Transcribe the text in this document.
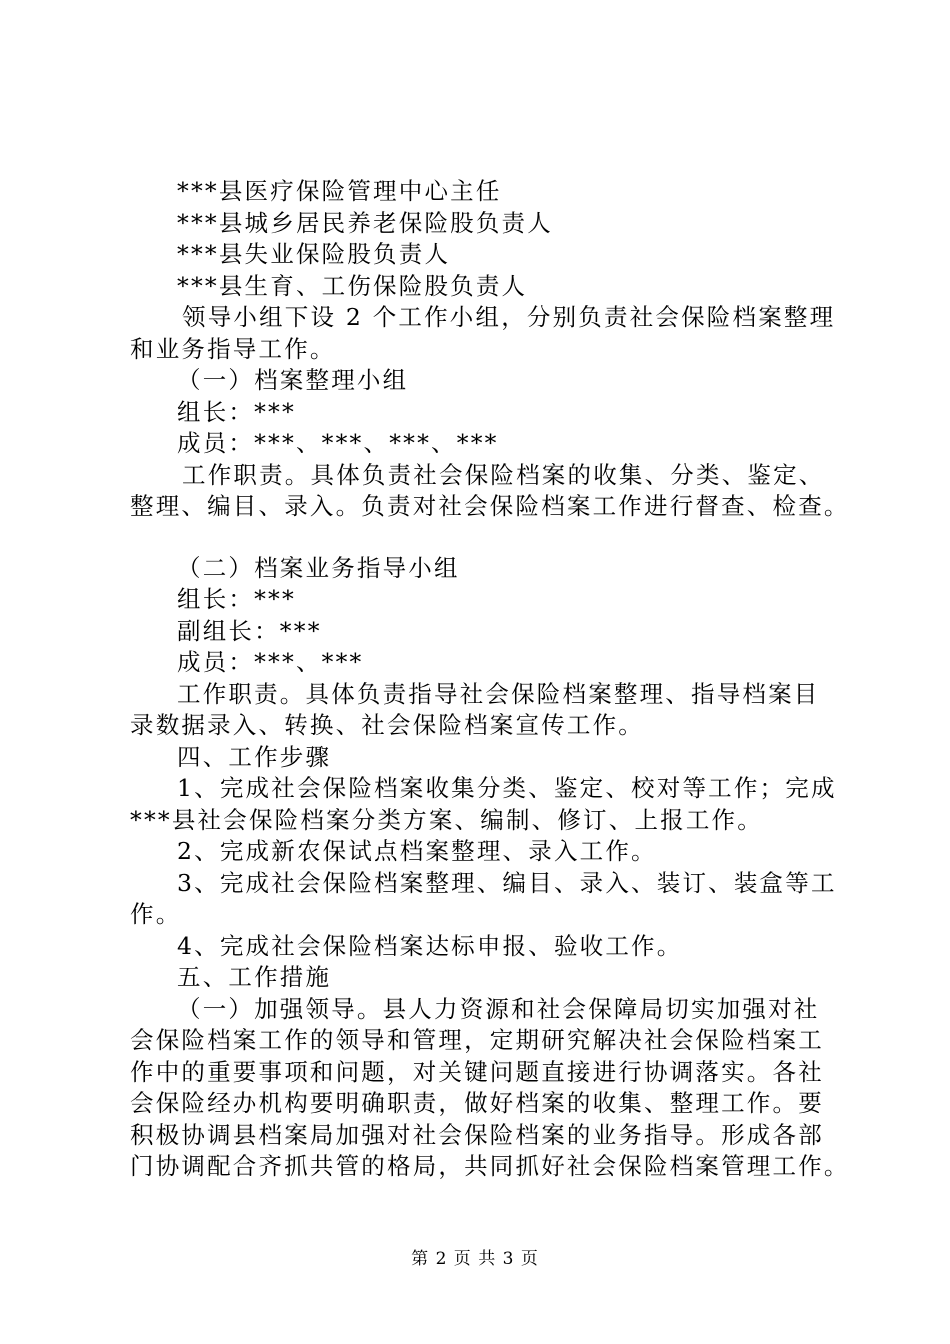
***县医疗保险管理中心主任
***县城乡居民养老保险股负责人
***县失业保险股负责人
***县生育、工伤保险股负责人
领导小组下设 2 个工作小组，分别负责社会保险档案整理
和业务指导工作。
（一）档案整理小组
组长：***
成员：***、***、***、***
工作职责。具体负责社会保险档案的收集、分类、鉴定、
整理、编目、录入。负责对社会保险档案工作进行督查、检查。
（二）档案业务指导小组
组长：***
副组长：***
成员：***、***
工作职责。具体负责指导社会保险档案整理、指导档案目
录数据录入、转换、社会保险档案宣传工作。
四、工作步骤
1、完成社会保险档案收集分类、鉴定、校对等工作；完成
***县社会保险档案分类方案、编制、修订、上报工作。
2、完成新农保试点档案整理、录入工作。
3、完成社会保险档案整理、编目、录入、装订、装盒等工
作。
4、完成社会保险档案达标申报、验收工作。
五、工作措施
（一）加强领导。县人力资源和社会保障局切实加强对社
会保险档案工作的领导和管理，定期研究解决社会保险档案工
作中的重要事项和问题，对关键问题直接进行协调落实。各社
会保险经办机构要明确职责，做好档案的收集、整理工作。要
积极协调县档案局加强对社会保险档案的业务指导。形成各部
门协调配合齐抓共管的格局，共同抓好社会保险档案管理工作。
第 2 页 共 3 页
